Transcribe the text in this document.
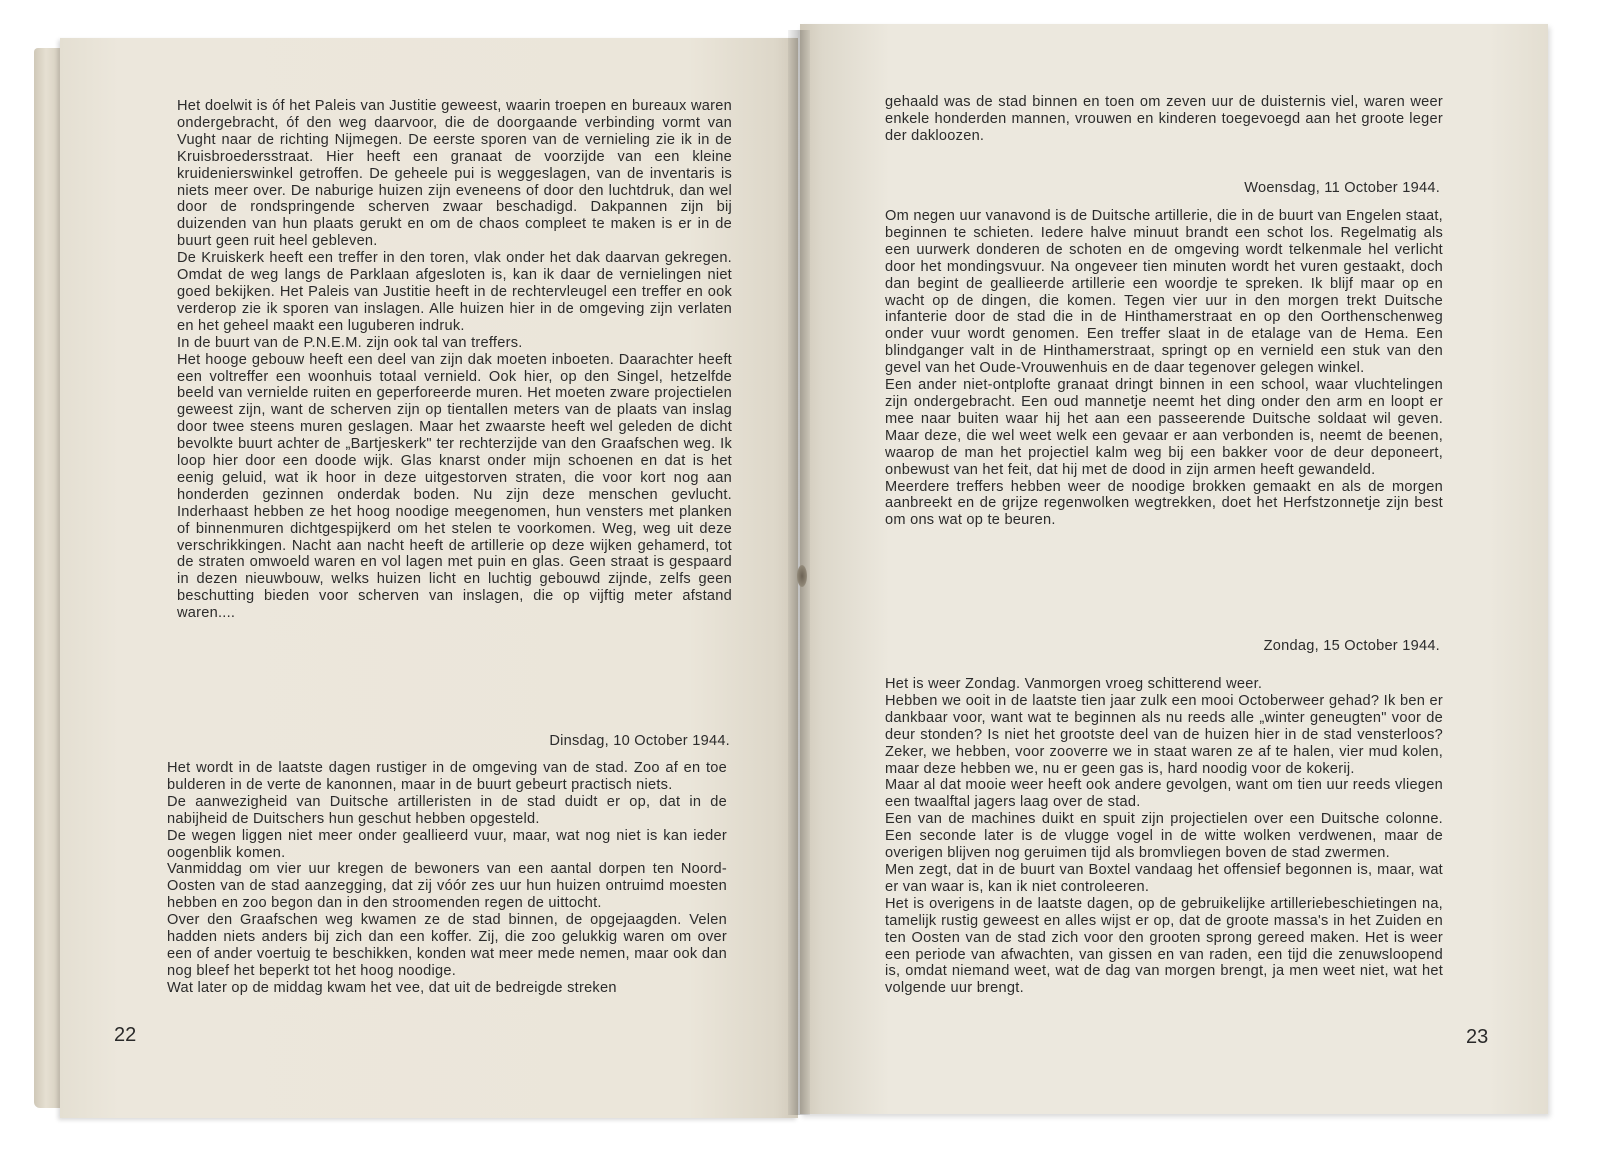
Het doelwit is óf het Paleis van Justitie geweest, waarin troepen en bureaux waren ondergebracht, óf den weg daarvoor, die de doorgaande verbinding vormt van Vught naar de richting Nijmegen. De eerste sporen van de vernieling zie ik in de Kruisbroedersstraat. Hier heeft een granaat de voorzijde van een kleine kruidenierswinkel getroffen. De geheele pui is weggeslagen, van de inventaris is niets meer over. De naburige huizen zijn eveneens of door den luchtdruk, dan wel door de rondspringende scherven zwaar beschadigd. Dakpannen zijn bij duizenden van hun plaats gerukt en om de chaos compleet te maken is er in de buurt geen ruit heel gebleven.

De Kruiskerk heeft een treffer in den toren, vlak onder het dak daarvan gekregen. Omdat de weg langs de Parklaan afgesloten is, kan ik daar de vernielingen niet goed bekijken. Het Paleis van Justitie heeft in de rechtervleugel een treffer en ook verderop zie ik sporen van inslagen. Alle huizen hier in de omgeving zijn verlaten en het geheel maakt een luguberen indruk.

In de buurt van de P.N.E.M. zijn ook tal van treffers.

Het hooge gebouw heeft een deel van zijn dak moeten inboeten. Daarachter heeft een voltreffer een woonhuis totaal vernield. Ook hier, op den Singel, hetzelfde beeld van vernielde ruiten en geperforeerde muren. Het moeten zware projectielen geweest zijn, want de scherven zijn op tientallen meters van de plaats van inslag door twee steens muren geslagen. Maar het zwaarste heeft wel geleden de dicht bevolkte buurt achter de „Bartjeskerk" ter rechterzijde van den Graafschen weg. Ik loop hier door een doode wijk. Glas knarst onder mijn schoenen en dat is het eenig geluid, wat ik hoor in deze uitgestorven straten, die voor kort nog aan honderden gezinnen onderdak boden. Nu zijn deze menschen gevlucht. Inderhaast hebben ze het hoog noodige meegenomen, hun vensters met planken of binnenmuren dichtgespijkerd om het stelen te voorkomen. Weg, weg uit deze verschrikkingen. Nacht aan nacht heeft de artillerie op deze wijken gehamerd, tot de straten omwoeld waren en vol lagen met puin en glas. Geen straat is gespaard in dezen nieuwbouw, welks huizen licht en luchtig gebouwd zijnde, zelfs geen beschutting bieden voor scherven van inslagen, die op vijftig meter afstand waren....

Dinsdag, 10 October 1944.

Het wordt in de laatste dagen rustiger in de omgeving van de stad. Zoo af en toe bulderen in de verte de kanonnen, maar in de buurt gebeurt practisch niets.

De aanwezigheid van Duitsche artilleristen in de stad duidt er op, dat in de nabijheid de Duitschers hun geschut hebben opgesteld.

De wegen liggen niet meer onder geallieerd vuur, maar, wat nog niet is kan ieder oogenblik komen.

Vanmiddag om vier uur kregen de bewoners van een aantal dorpen ten Noord-Oosten van de stad aanzegging, dat zij vóór zes uur hun huizen ontruimd moesten hebben en zoo begon dan in den stroomenden regen de uittocht.

Over den Graafschen weg kwamen ze de stad binnen, de opgejaagden. Velen hadden niets anders bij zich dan een koffer. Zij, die zoo gelukkig waren om over een of ander voertuig te beschikken, konden wat meer mede nemen, maar ook dan nog bleef het beperkt tot het hoog noodige.

Wat later op de middag kwam het vee, dat uit de bedreigde streken

22

gehaald was de stad binnen en toen om zeven uur de duisternis viel, waren weer enkele honderden mannen, vrouwen en kinderen toegevoegd aan het groote leger der dakloozen.

Woensdag, 11 October 1944.

Om negen uur vanavond is de Duitsche artillerie, die in de buurt van Engelen staat, beginnen te schieten. Iedere halve minuut brandt een schot los. Regelmatig als een uurwerk donderen de schoten en de omgeving wordt telkenmale hel verlicht door het mondingsvuur. Na ongeveer tien minuten wordt het vuren gestaakt, doch dan begint de geallieerde artillerie een woordje te spreken. Ik blijf maar op en wacht op de dingen, die komen. Tegen vier uur in den morgen trekt Duitsche infanterie door de stad die in de Hinthamerstraat en op den Oorthenschenweg onder vuur wordt genomen. Een treffer slaat in de etalage van de Hema. Een blindganger valt in de Hinthamerstraat, springt op en vernield een stuk van den gevel van het Oude-Vrouwenhuis en de daar tegenover gelegen winkel.

Een ander niet-ontplofte granaat dringt binnen in een school, waar vluchtelingen zijn ondergebracht. Een oud mannetje neemt het ding onder den arm en loopt er mee naar buiten waar hij het aan een passeerende Duitsche soldaat wil geven. Maar deze, die wel weet welk een gevaar er aan verbonden is, neemt de beenen, waarop de man het projectiel kalm weg bij een bakker voor de deur deponeert, onbewust van het feit, dat hij met de dood in zijn armen heeft gewandeld.

Meerdere treffers hebben weer de noodige brokken gemaakt en als de morgen aanbreekt en de grijze regenwolken wegtrekken, doet het Herfstzonnetje zijn best om ons wat op te beuren.

Zondag, 15 October 1944.

Het is weer Zondag. Vanmorgen vroeg schitterend weer.

Hebben we ooit in de laatste tien jaar zulk een mooi Octoberweer gehad? Ik ben er dankbaar voor, want wat te beginnen als nu reeds alle „winter geneugten" voor de deur stonden? Is niet het grootste deel van de huizen hier in de stad vensterloos? Zeker, we hebben, voor zooverre we in staat waren ze af te halen, vier mud kolen, maar deze hebben we, nu er geen gas is, hard noodig voor de kokerij.

Maar al dat mooie weer heeft ook andere gevolgen, want om tien uur reeds vliegen een twaalftal jagers laag over de stad.

Een van de machines duikt en spuit zijn projectielen over een Duitsche colonne. Een seconde later is de vlugge vogel in de witte wolken verdwenen, maar de overigen blijven nog geruimen tijd als bromvliegen boven de stad zwermen.

Men zegt, dat in de buurt van Boxtel vandaag het offensief begonnen is, maar, wat er van waar is, kan ik niet controleeren.

Het is overigens in de laatste dagen, op de gebruikelijke artilleriebeschietingen na, tamelijk rustig geweest en alles wijst er op, dat de groote massa's in het Zuiden en ten Oosten van de stad zich voor den grooten sprong gereed maken. Het is weer een periode van afwachten, van gissen en van raden, een tijd die zenuwsloopend is, omdat niemand weet, wat de dag van morgen brengt, ja men weet niet, wat het volgende uur brengt.

23
